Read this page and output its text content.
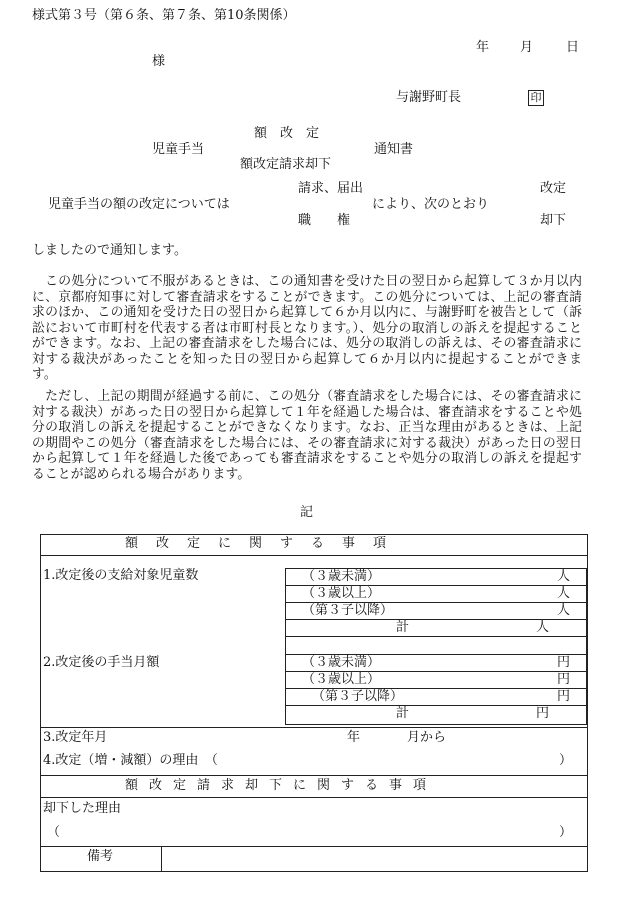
様式第３号（第６条、第７条、第10条関係）
年 月	日
様
与謝野町長	印
額　改　定
児童手当	通知書
額改定請求却下
請求、届出	改定
児童手当の額の改定については	により、次のとおり
職　　権	却下
しましたので通知します。
　この処分について不服があるときは、この通知書を受けた日の翌日から起算して３か月以内に、京都府知事に対して審査請求をすることができます。この処分については、上記の審査請求のほか、この通知を受けた日の翌日から起算して６か月以内に、与謝野町を被告として（訴訟において市町村を代表する者は市町村長となります。）、処分の取消しの訴えを提起することができます。なお、上記の審査請求をした場合には、処分の取消しの訴えは、その審査請求に対する裁決があったことを知った日の翌日から起算して６か月以内に提起することができます。
　ただし、上記の期間が経過する前に、この処分（審査請求をした場合には、その審査請求に対する裁決）があった日の翌日から起算して１年を経過した場合は、審査請求をすることや処分の取消しの訴えを提起することができなくなります。なお、正当な理由があるときは、上記の期間やこの処分（審査請求をした場合には、その審査請求に対する裁決）があった日の翌日から起算して１年を経過した後であっても審査請求をすることや処分の取消しの訴えを提起することが認められる場合があります。
記
額改定に関する事項
1.改定後の支給対象児童数	（３歳未満）	人
（３歳以上）	人
（第３子以降）	人
計	人
2.改定後の手当月額	（３歳未満）	円
（３歳以上）	円
（第３子以降）	円
計	円
3.改定年月	年	月から
4.改定（増・減額）の理由　（	）
額改定請求却下に関する事項
却下した理由
（	）
備考
